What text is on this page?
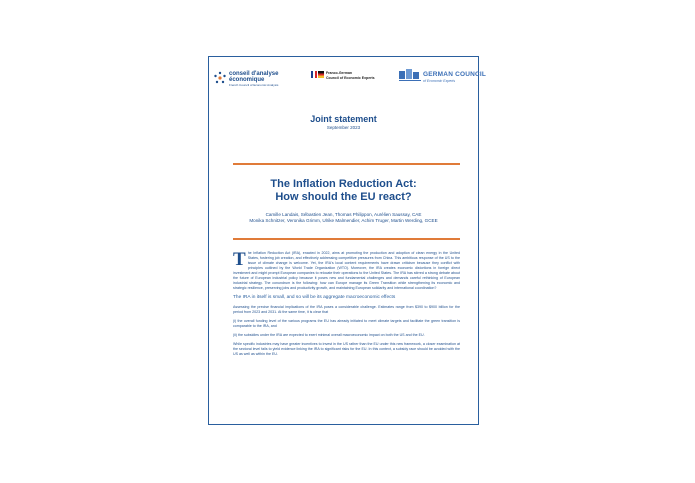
conseil d'analyse
économique
French Council of Economic Analysis
Franco-German
Council of Economic Experts	GERMAN COUNCIL
of Economic Experts
Joint statement
September 2023
The Inflation Reduction Act:
How should the EU react?
Camille Landais, Sébastien Jean, Thomas Philippon, Aurélien Saussay, CAE
Monika Schnitzer, Veronika Grimm, Ulrike Malmendier, Achim Truger, Martin Werding, GCEE

The Inflation Reduction Act (IRA), enacted in 2022, aims at promoting the production and adoption of clean energy in the United States, fostering job creation, and effectively addressing competitive pressures from China. This ambitious response of the US to the issue of climate change is welcome. Yet, the IRA's local content requirements have drawn criticism because they conflict with principles outlined by the World Trade Organization (WTO). Moreover, the IRA creates economic distortions in foreign direct investment and might prompt European companies to relocate their operations to the United States. The IRA has stirred a strong debate about the future of European industrial policy because it poses new and fundamental challenges and demands careful rethinking of European industrial strategy. The conundrum is the following: how can Europe manage its Green Transition while strengthening its economic and strategic resilience, preserving jobs and productivity growth, and maintaining European solidarity and international coordination?

The IRA in itself is small, and so will be its aggregate macroeconomic effects

Assessing the precise financial implications of the IRA poses a considerable challenge. Estimates range from $390 to $900 billion for the period from 2023 and 2031. At the same time, it is clear that

(i) the overall funding level of the various programs the EU has already initiated to meet climate targets and facilitate the green transition is comparable to the IRA, and

(ii) the subsidies under the IRA are expected to exert minimal overall macroeconomic impact on both the US and the EU.

While specific industries may have greater incentives to invest in the US rather than the EU under this new framework, a closer examination at the sectoral level fails to yield evidence linking the IRA to significant risks for the EU. In this context, a subsidy race should be avoided with the US as well as within the EU.
